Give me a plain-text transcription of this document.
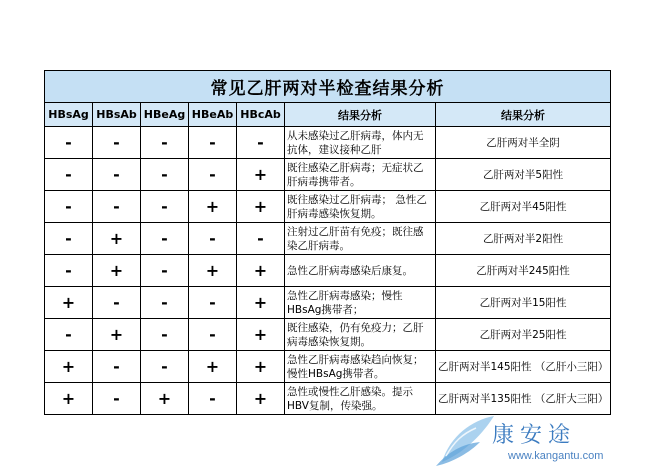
常见乙肝两对半检查结果分析						
HBsAg	HBsAb	HBeAg	HBeAb	HBcAb	结果分析	结果分析
-	-	-	-	-	从未感染过乙肝病毒，体内无抗体，建议接种乙肝	乙肝两对半全阴
-	-	-	-	+	既往感染乙肝病毒；无症状乙肝病毒携带者。	乙肝两对半5阳性
-	-	-	+	+	既往感染过乙肝病毒； 急性乙肝病毒感染恢复期。	乙肝两对半45阳性
-	+	-	-	-	注射过乙肝苗有免疫；既往感染乙肝病毒。	乙肝两对半2阳性
-	+	-	+	+	急性乙肝病毒感染后康复。	乙肝两对半245阳性
+	-	-	-	+	急性乙肝病毒感染；慢性HBsAg携带者；	乙肝两对半15阳性
-	+	-	-	+	既往感染，仍有免疫力；乙肝病毒感染恢复期。	乙肝两对半25阳性
+	-	-	+	+	急性乙肝病毒感染趋向恢复；慢性HBsAg携带者。	乙肝两对半145阳性 （乙肝小三阳）
+	-	+	-	+	急性或慢性乙肝感染。提示HBV复制，传染强。	乙肝两对半135阳性 （乙肝大三阳）
康安途
www.kangantu.com
